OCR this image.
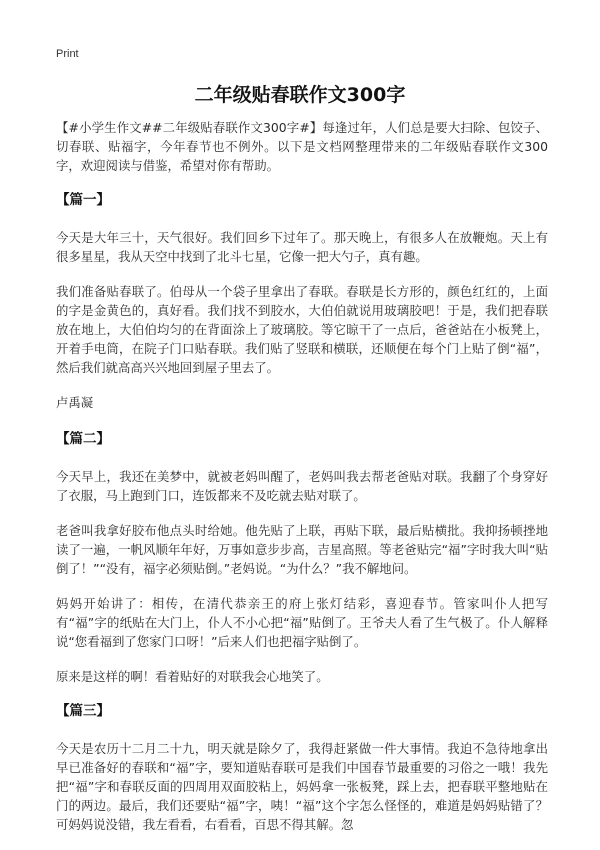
Print
二年级贴春联作文300字

【#小学生作文##二年级贴春联作文300字#】每逢过年，人们总是要大扫除、包饺子、切春联、贴福字，今年春节也不例外。以下是文档网整理带来的二年级贴春联作文300字，欢迎阅读与借鉴，希望对你有帮助。

【篇一】

今天是大年三十，天气很好。我们回乡下过年了。那天晚上，有很多人在放鞭炮。天上有很多星星，我从天空中找到了北斗七星，它像一把大勺子，真有趣。

我们准备贴春联了。伯母从一个袋子里拿出了春联。春联是长方形的，颜色红红的，上面的字是金黄色的，真好看。我们找不到胶水，大伯伯就说用玻璃胶吧！于是，我们把春联放在地上，大伯伯均匀的在背面涂上了玻璃胶。等它晾干了一点后，爸爸站在小板凳上，开着手电筒，在院子门口贴春联。我们贴了竖联和横联，还顺便在每个门上贴了倒“福”，然后我们就高高兴兴地回到屋子里去了。

卢禹凝
【篇二】

今天早上，我还在美梦中，就被老妈叫醒了，老妈叫我去帮老爸贴对联。我翻了个身穿好了衣服，马上跑到门口，连饭都来不及吃就去贴对联了。

老爸叫我拿好胶布他点头时给她。他先贴了上联，再贴下联，最后贴横批。我抑扬顿挫地读了一遍，一帆风顺年年好，万事如意步步高，吉星高照。等老爸贴完“福”字时我大叫“贴倒了！”“没有，福字必须贴倒。”老妈说。“为什么？”我不解地问。

妈妈开始讲了：相传，在清代恭亲王的府上张灯结彩，喜迎春节。管家叫仆人把写有“福”字的纸贴在大门上，仆人不小心把“福”贴倒了。王爷夫人看了生气极了。仆人解释说“您看福到了您家门口呀！”后来人们也把福字贴倒了。

原来是这样的啊！看着贴好的对联我会心地笑了。

【篇三】

今天是农历十二月二十九，明天就是除夕了，我得赶紧做一件大事情。我迫不急待地拿出早已准备好的春联和“福”字，要知道贴春联可是我们中国春节最重要的习俗之一哦！我先把“福”字和春联反面的四周用双面胶粘上，妈妈拿一张板凳，踩上去，把春联平整地贴在门的两边。最后，我们还要贴“福”字，咦！“福”这个字怎么怪怪的，难道是妈妈贴错了？可妈妈说没错，我左看看，右看看，百思不得其解。忽
